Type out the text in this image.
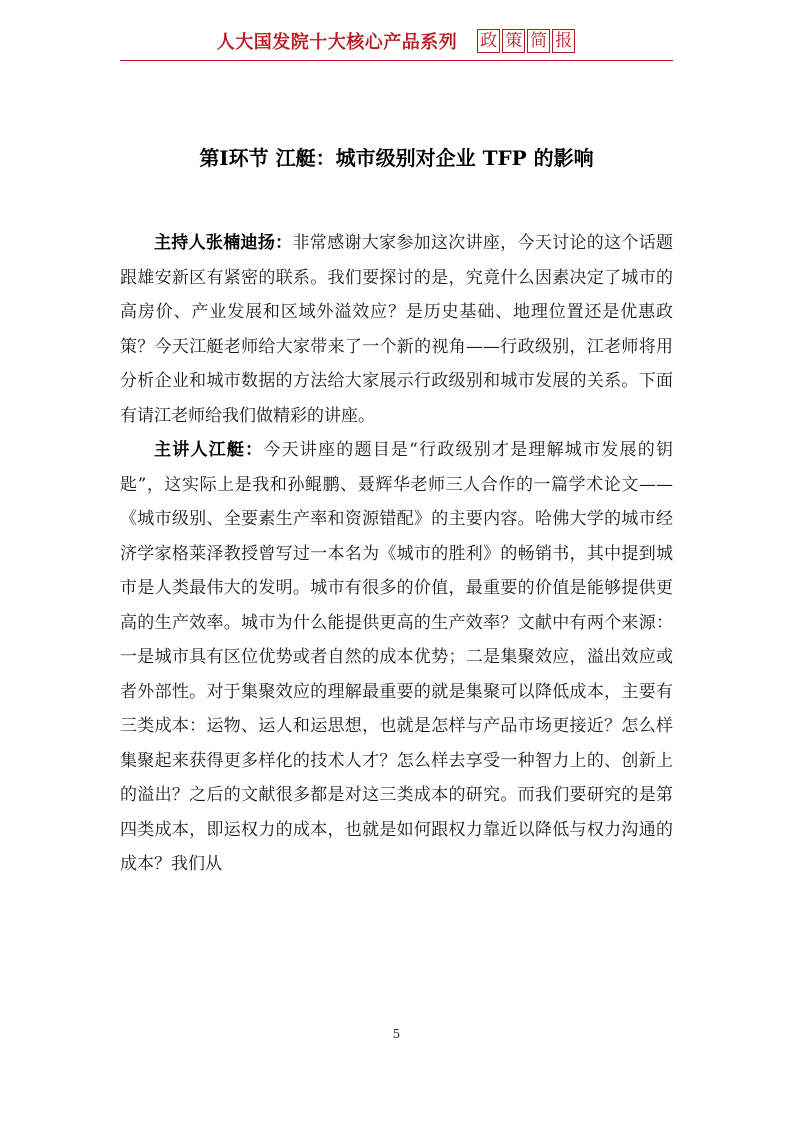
人大国发院十大核心产品系列 政 策 简 报
第Ⅰ环节 江艇：城市级别对企业 TFP 的影响

主持人张楠迪扬：非常感谢大家参加这次讲座，今天讨论的这个话题跟雄安新区有紧密的联系。我们要探讨的是，究竟什么因素决定了城市的高房价、产业发展和区域外溢效应？是历史基础、地理位置还是优惠政策？今天江艇老师给大家带来了一个新的视角——行政级别，江老师将用分析企业和城市数据的方法给大家展示行政级别和城市发展的关系。下面有请江老师给我们做精彩的讲座。

主讲人江艇：今天讲座的题目是“行政级别才是理解城市发展的钥匙”，这实际上是我和孙鲲鹏、聂辉华老师三人合作的一篇学术论文——《城市级别、全要素生产率和资源错配》的主要内容。哈佛大学的城市经济学家格莱泽教授曾写过一本名为《城市的胜利》的畅销书，其中提到城市是人类最伟大的发明。城市有很多的价值，最重要的价值是能够提供更高的生产效率。城市为什么能提供更高的生产效率？文献中有两个来源：一是城市具有区位优势或者自然的成本优势；二是集聚效应，溢出效应或者外部性。对于集聚效应的理解最重要的就是集聚可以降低成本，主要有三类成本：运物、运人和运思想，也就是怎样与产品市场更接近？怎么样集聚起来获得更多样化的技术人才？怎么样去享受一种智力上的、创新上的溢出？之后的文献很多都是对这三类成本的研究。而我们要研究的是第四类成本，即运权力的成本，也就是如何跟权力靠近以降低与权力沟通的成本？我们从

5
